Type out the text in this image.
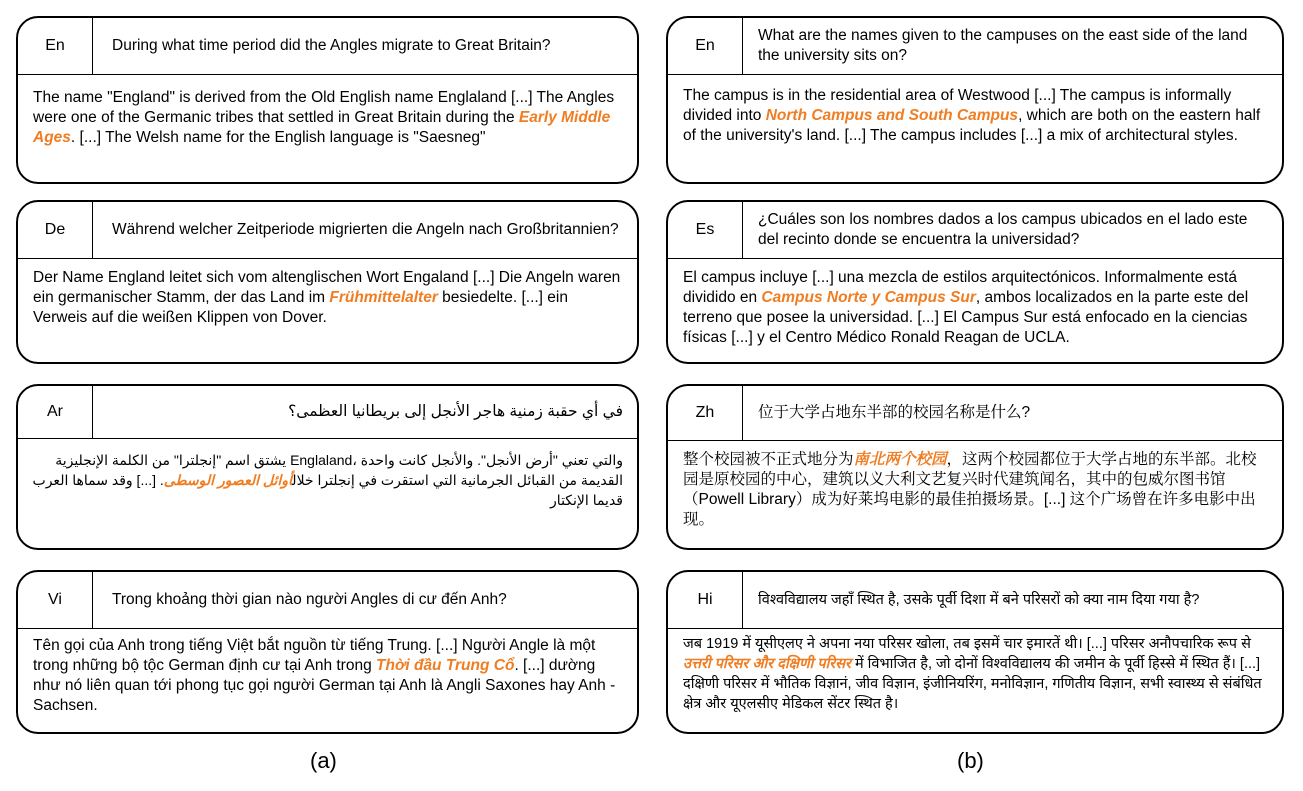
En	During what time period did the Angles migrate to Great Britain?
The name "England" is derived from the Old English name Englaland [...] The Angles were one of the Germanic tribes that settled in Great Britain during the Early Middle Ages. [...] The Welsh name for the English language is "Saesneg"
De	Während welcher Zeitperiode migrierten die Angeln nach Großbritannien?
Der Name England leitet sich vom altenglischen Wort Engaland [...] Die Angeln waren ein germanischer Stamm, der das Land im Frühmittelalter besiedelte. [...] ein Verweis auf die weißen Klippen von Dover.
Ar	في أي حقبة زمنية هاجر الأنجل إلى بريطانيا العظمى؟
والتي تعني "أرض الأنجل". والأنجل كانت واحدة ،Englaland يشتق اسم "إنجلترا" من الكلمة الإنجليزية القديمة من القبائل الجرمانية التي استقرت في إنجلترا خلالأوائل العصور الوسطى. [...] وقد سماها العرب قديما الإنكتار
Vi	Trong khoảng thời gian nào người Angles di cư đến Anh?
Tên gọi của Anh trong tiếng Việt bắt nguồn từ tiếng Trung. [...] Người Angle là một trong những bộ tộc German định cư tại Anh trong Thời đầu Trung Cổ. [...] dường như nó liên quan tới phong tục gọi người German tại Anh là Angli Saxones hay Anh - Sachsen.
(a)
En
What are the names given to the campuses on the east side of the land the university sits on?
The campus is in the residential area of Westwood [...] The campus is informally divided into North Campus and South Campus, which are both on the eastern half of the university's land. [...] The campus includes [...] a mix of architectural styles.
Es
¿Cuáles son los nombres dados a los campus ubicados en el lado este del recinto donde se encuentra la universidad?
El campus incluye [...] una mezcla de estilos arquitectónicos. Informalmente está dividido en Campus Norte y Campus Sur, ambos localizados en la parte este del terreno que posee la universidad. [...] El Campus Sur está enfocado en la ciencias físicas [...] y el Centro Médico Ronald Reagan de UCLA.
Zh	位于大学占地东半部的校园名称是什么?
整个校园被不正式地分为南北两个校园，这两个校园都位于大学占地的东半部。北校园是原校园的中心，建筑以义大利文艺复兴时代建筑闻名，其中的包威尔图书馆（Powell Library）成为好莱坞电影的最佳拍摄场景。[...] 这个广场曾在许多电影中出现。
Hi	विश्वविद्यालय जहाँ स्थित है, उसके पूर्वी दिशा में बने परिसरों को क्या नाम दिया गया है?
जब 1919 में यूसीएलए ने अपना नया परिसर खोला, तब इसमें चार इमारतें थी। [...] परिसर अनौपचारिक रूप से उत्तरी परिसर और दक्षिणी परिसर में विभाजित है, जो दोनों विश्वविद्यालय की जमीन के पूर्वी हिस्से में स्थित हैं। [...] दक्षिणी परिसर में भौतिक विज्ञानं, जीव विज्ञान, इंजीनियरिंग, मनोविज्ञान, गणितीय विज्ञान, सभी स्वास्थ्य से संबंधित क्षेत्र और यूएलसीए मेडिकल सेंटर स्थित है।
(b)
